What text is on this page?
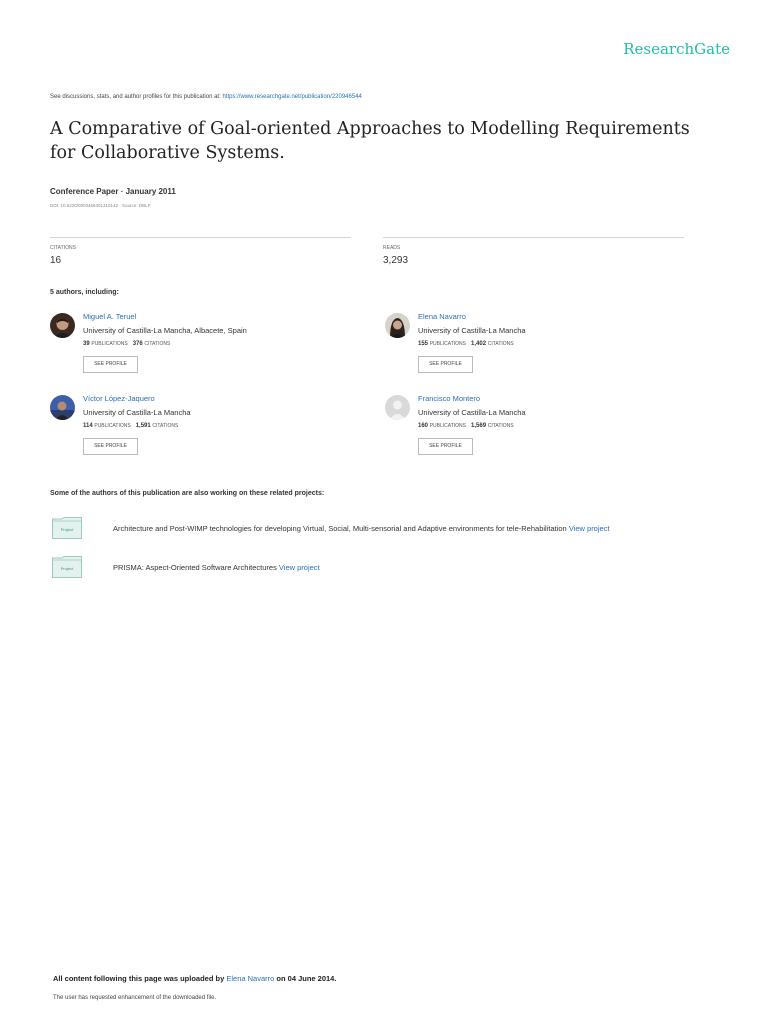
ResearchGate
See discussions, stats, and author profiles for this publication at: https://www.researchgate.net/publication/220946544
A Comparative of Goal-oriented Approaches to Modelling Requirements for Collaborative Systems.
Conference Paper · January 2011
DOI: 10.5220/0003466301310142 · Source: DBLP
CITATIONS
16
READS
3,293
5 authors, including:
Miguel A. Teruel
University of Castilla-La Mancha, Albacete, Spain
39 PUBLICATIONS 376 CITATIONS
SEE PROFILE
Elena Navarro
University of Castilla-La Mancha
155 PUBLICATIONS 1,402 CITATIONS
SEE PROFILE
Víctor López-Jaquero
University of Castilla-La Mancha
114 PUBLICATIONS 1,591 CITATIONS
SEE PROFILE
Francisco Montero
University of Castilla-La Mancha
160 PUBLICATIONS 1,569 CITATIONS
SEE PROFILE
Some of the authors of this publication are also working on these related projects:
Project	Architecture and Post-WIMP technologies for developing Virtual, Social, Multi-sensorial and Adaptive environments for tele-Rehabilitation View project
Project	PRISMA: Aspect-Oriented Software Architectures View project
All content following this page was uploaded by Elena Navarro on 04 June 2014.
The user has requested enhancement of the downloaded file.
